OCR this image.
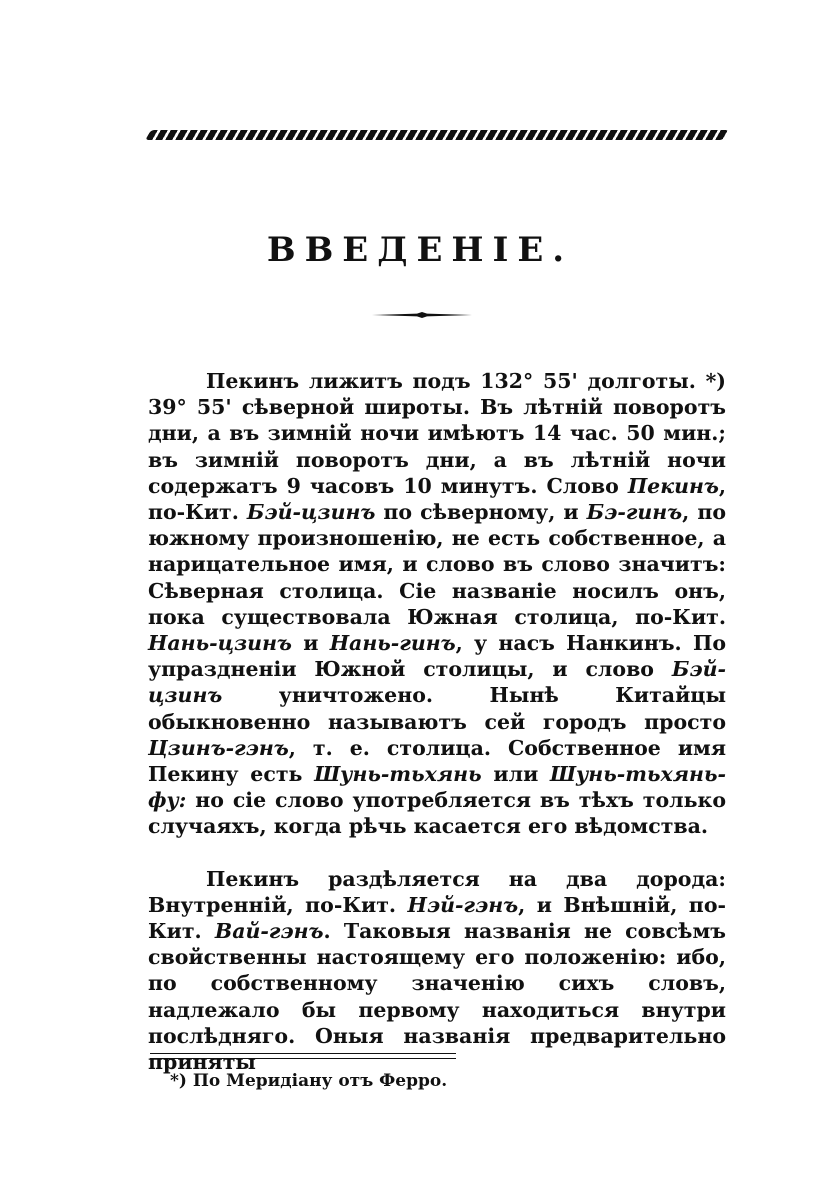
ВВЕДЕНІЕ.

Пекинъ лижитъ подъ 132° 55' долготы. *) 39° 55' сѣверной широты. Въ лѣтній поворотъ дни, а въ зимній ночи имѣютъ 14 час. 50 мин.; въ зимній поворотъ дни, а въ лѣтній ночи содержатъ 9 часовъ 10 минутъ. Слово Пекинъ, по-Кит. Бэй-цзинъ по сѣверному, и Бэ-гинъ, по южному произношенію, не есть собственное, а нарицательное имя, и слово въ слово значитъ: Сѣверная столица. Сіе названіе носилъ онъ, пока существовала Южная столица, по-Кит. Нань-цзинъ и Нань-гинъ, у насъ Нанкинъ. По упраздненіи Южной столицы, и слово Бэй-цзинъ уничтожено. Нынѣ Китайцы обыкновенно называютъ сей городъ просто Цзинъ-гэнъ, т. е. столица. Собственное имя Пекину есть Шунь-тьхянь или Шунь-тьхянь-фу: но сіе слово употребляется въ тѣхъ только случаяхъ, когда рѣчь касается его вѣдомства.

Пекинъ раздѣляется на два дорода: Внутренній, по-Кит. Нэй-гэнъ, и Внѣшній, по-Кит. Вай-гэнъ. Таковыя названія не совсѣмъ свойственны настоящему его положенію: ибо, по собственному значенію сихъ словъ, надлежало бы первому находиться внутри послѣдняго. Оныя названія предварительно приняты

*) По Меридіану отъ Ферро.
